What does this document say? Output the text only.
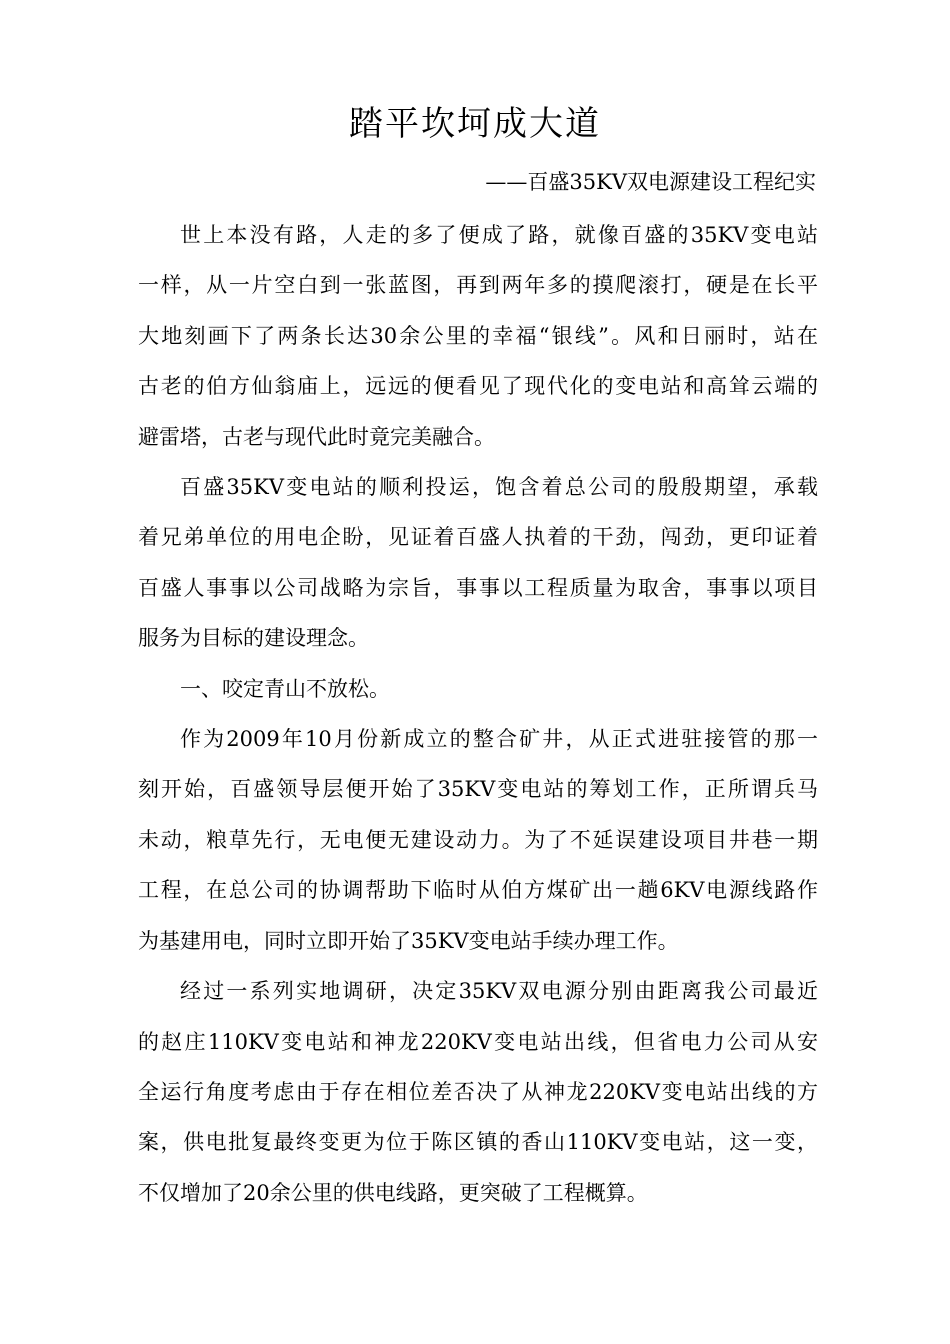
踏平坎坷成大道
——百盛35KV双电源建设工程纪实

世上本没有路，人走的多了便成了路，就像百盛的35KV变电站
一样，从一片空白到一张蓝图，再到两年多的摸爬滚打，硬是在长平
大地刻画下了两条长达30余公里的幸福“银线”。风和日丽时，站在
古老的伯方仙翁庙上，远远的便看见了现代化的变电站和高耸云端的
避雷塔，古老与现代此时竟完美融合。

百盛35KV变电站的顺利投运，饱含着总公司的殷殷期望，承载
着兄弟单位的用电企盼，见证着百盛人执着的干劲，闯劲，更印证着
百盛人事事以公司战略为宗旨，事事以工程质量为取舍，事事以项目
服务为目标的建设理念。

一、咬定青山不放松。

作为2009年10月份新成立的整合矿井，从正式进驻接管的那一
刻开始，百盛领导层便开始了35KV变电站的筹划工作，正所谓兵马
未动，粮草先行，无电便无建设动力。为了不延误建设项目井巷一期
工程，在总公司的协调帮助下临时从伯方煤矿出一趟6KV电源线路作
为基建用电，同时立即开始了35KV变电站手续办理工作。

经过一系列实地调研，决定35KV双电源分别由距离我公司最近
的赵庄110KV变电站和神龙220KV变电站出线，但省电力公司从安
全运行角度考虑由于存在相位差否决了从神龙220KV变电站出线的方
案，供电批复最终变更为位于陈区镇的香山110KV变电站，这一变，
不仅增加了20余公里的供电线路，更突破了工程概算。
